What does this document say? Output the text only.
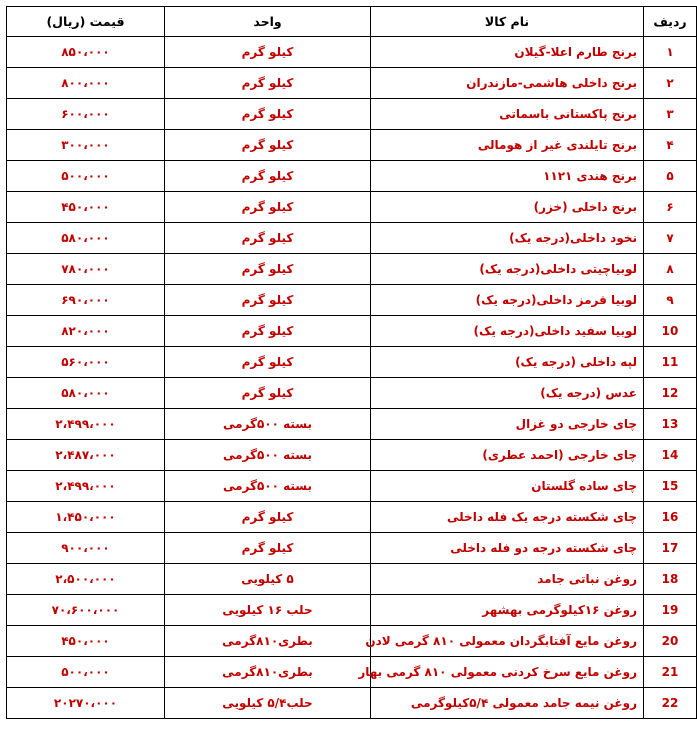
ردیف	نام کالا	واحد	قیمت (ریال)
۱	برنج طارم اعلا-گیلان	کیلو گرم	۸۵۰،۰۰۰
۲	برنج داخلی هاشمی-مازندران	کیلو گرم	۸۰۰،۰۰۰
۳	برنج پاکستانی باسماتی	کیلو گرم	۶۰۰،۰۰۰
۴	برنج تایلندی غیر از هومالی	کیلو گرم	۳۰۰،۰۰۰
۵	برنج هندی ۱۱۲۱	کیلو گرم	۵۰۰،۰۰۰
۶	برنج داخلی (خزر)	کیلو گرم	۴۵۰،۰۰۰
۷	نخود داخلی(درجه یک)	کیلو گرم	۵۸۰،۰۰۰
۸	لوبیاچیتی داخلی(درجه یک)	کیلو گرم	۷۸۰،۰۰۰
۹	لوبیا قرمز داخلی(درجه یک)	کیلو گرم	۶۹۰،۰۰۰
10	لوبیا سفید داخلی(درجه یک)	کیلو گرم	۸۲۰،۰۰۰
11	لپه داخلی (درجه یک)	کیلو گرم	۵۶۰،۰۰۰
12	عدس (درجه یک)	کیلو گرم	۵۸۰،۰۰۰
13	چای خارجی دو غزال	بسته ۵۰۰گرمی	۲،۴۹۹،۰۰۰
14	چای خارجی (احمد عطری)	بسته ۵۰۰گرمی	۲،۴۸۷،۰۰۰
15	چای ساده گلستان	بسته ۵۰۰گرمی	۲،۴۹۹،۰۰۰
16	چای شکسته درجه یک فله داخلی	کیلو گرم	۱،۴۵۰،۰۰۰
17	چای شکسته درجه دو فله داخلی	کیلو گرم	۹۰۰،۰۰۰
18	روغن نباتی جامد	۵ کیلویی	۲،۵۰۰،۰۰۰
19	روغن ۱۶کیلوگرمی بهشهر	حلب ۱۶ کیلویی	۷۰،۶۰۰،۰۰۰
20	روغن مایع آفتابگردان معمولی ۸۱۰ گرمی لادن	بطری۸۱۰گرمی	۴۵۰،۰۰۰
21	روغن مایع سرخ کردنی معمولی ۸۱۰ گرمی بهار	بطری۸۱۰گرمی	۵۰۰،۰۰۰
22	روغن نیمه جامد معمولی ۵/۴کیلوگرمی	حلب۵/۴ کیلویی	۲۰۲۷۰،۰۰۰
